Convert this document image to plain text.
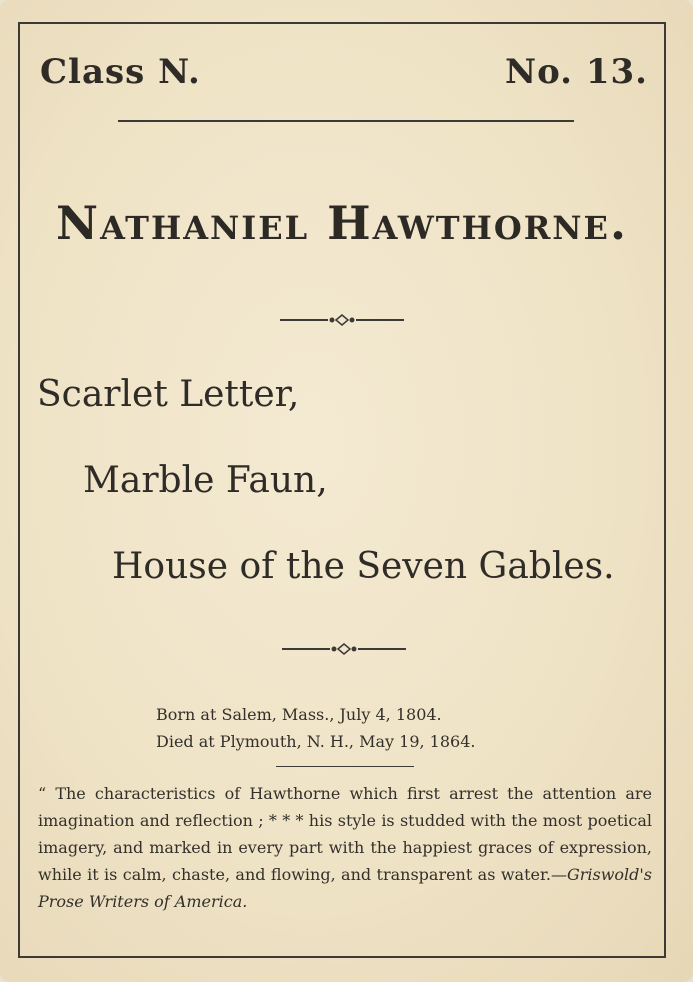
Class N.	No. 13.
Nathaniel Hawthorne.
Scarlet Letter,
Marble Faun,
House of the Seven Gables.
Born at Salem, Mass., July 4, 1804.
Died at Plymouth, N. H., May 19, 1864.
“ The characteristics of Hawthorne which first arrest the attention are imagination and reflection ; * * * his style is studded with the most poetical imagery, and marked in every part with the happiest graces of expression, while it is calm, chaste, and flowing, and transparent as water.—Griswold's Prose Writers of America.
